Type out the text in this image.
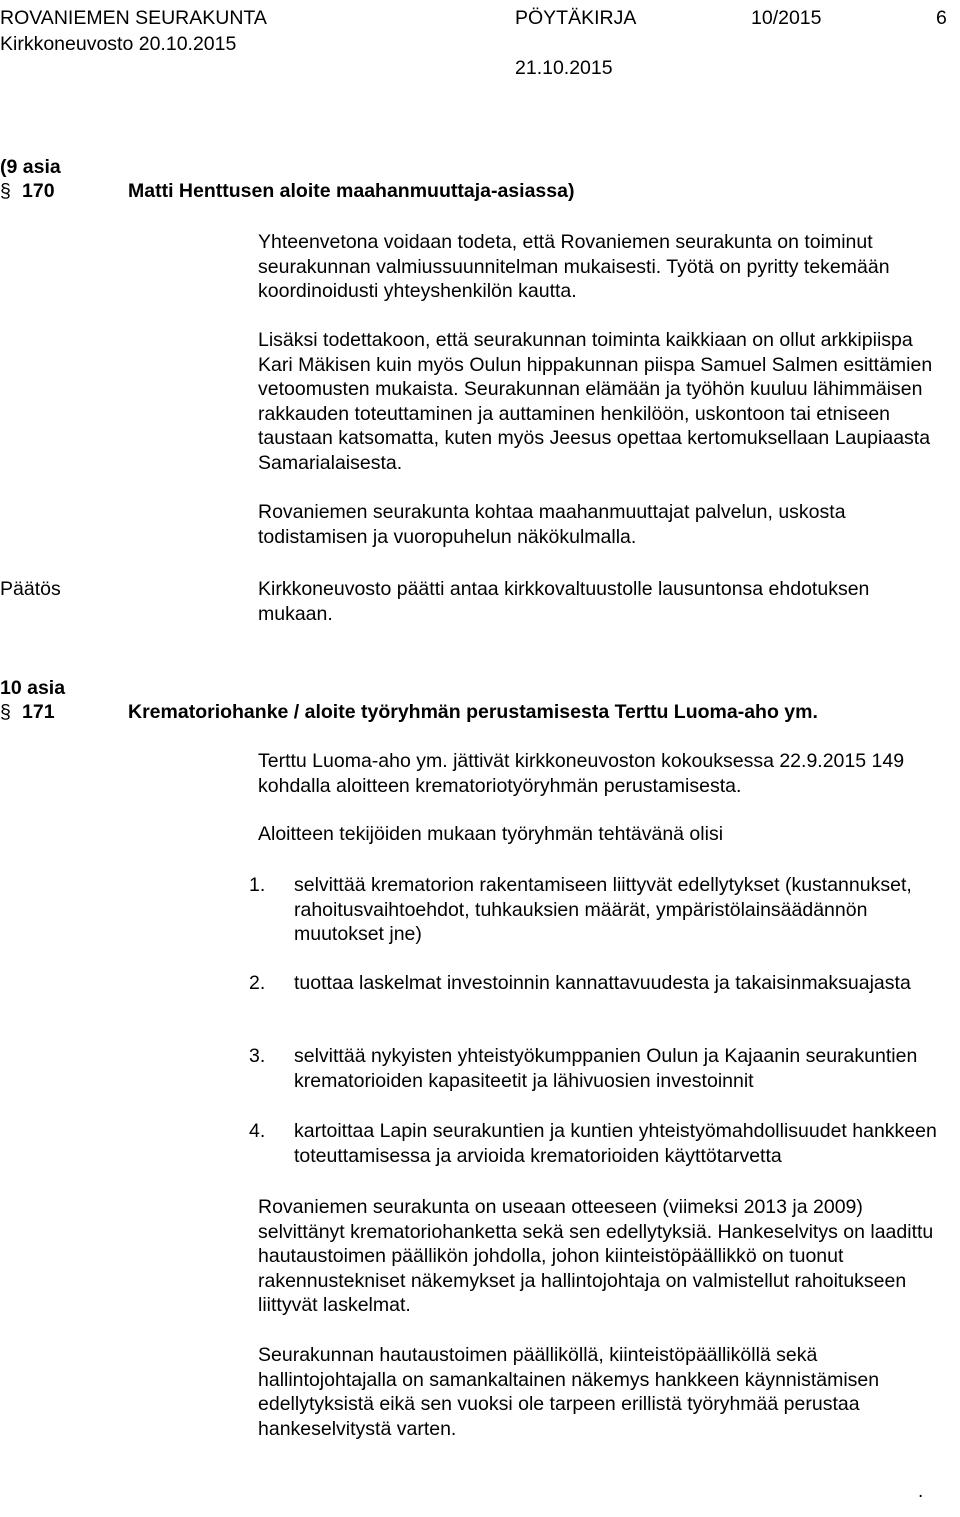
ROVANIEMEN SEURAKUNTA	PÖYTÄKIRJA	10/2015	6
Kirkkoneuvosto 20.10.2015
21.10.2015
(9 asia
§ 170	Matti Henttusen aloite maahanmuuttaja-asiassa)

Yhteenvetona voidaan todeta, että Rovaniemen seurakunta on toiminut seurakunnan valmiussuunnitelman mukaisesti. Työtä on pyritty tekemään koordinoidusti yhteyshenkilön kautta.

Lisäksi todettakoon, että seurakunnan toiminta kaikkiaan on ollut arkkipiispa Kari Mäkisen kuin myös Oulun hippakunnan piispa Samuel Salmen esittämien vetoomusten mukaista. Seurakunnan elämään ja työhön kuuluu lähimmäisen rakkauden toteuttaminen ja auttaminen henkilöön, uskontoon tai etniseen taustaan katsomatta, kuten myös Jeesus opettaa kertomuksellaan Laupiaasta Samarialaisesta.

Rovaniemen seurakunta kohtaa maahanmuuttajat palvelun, uskosta todistamisen ja vuoropuhelun näkökulmalla.

Päätös	Kirkkoneuvosto päätti antaa kirkkovaltuustolle lausuntonsa ehdotuksen mukaan.

10 asia
§ 171	Krematoriohanke / aloite työryhmän perustamisesta Terttu Luoma-aho ym.

Terttu Luoma-aho ym. jättivät kirkkoneuvoston kokouksessa 22.9.2015 149 kohdalla aloitteen krematoriotyöryhmän perustamisesta.

Aloitteen tekijöiden mukaan työryhmän tehtävänä olisi

1.	selvittää krematorion rakentamiseen liittyvät edellytykset (kustannukset, rahoitusvaihtoehdot, tuhkauksien määrät, ympäristölainsäädännön muutokset jne)
2.	tuottaa laskelmat investoinnin kannattavuudesta ja takaisinmaksuajasta
3.	selvittää nykyisten yhteistyökumppanien Oulun ja Kajaanin seurakuntien krematorioiden kapasiteetit ja lähivuosien investoinnit
4.	kartoittaa Lapin seurakuntien ja kuntien yhteistyömahdollisuudet hankkeen toteuttamisessa ja arvioida krematorioiden käyttötarvetta

Rovaniemen seurakunta on useaan otteeseen (viimeksi 2013 ja 2009) selvittänyt krematoriohanketta sekä sen edellytyksiä. Hankeselvitys on laadittu hautaustoimen päällikön johdolla, johon kiinteistöpäällikkö on tuonut rakennustekniset näkemykset ja hallintojohtaja on valmistellut rahoitukseen liittyvät laskelmat.

Seurakunnan hautaustoimen päälliköllä, kiinteistöpäälliköllä sekä hallintojohtajalla on samankaltainen näkemys hankkeen käynnistämisen edellytyksistä eikä sen vuoksi ole tarpeen erillistä työryhmää perustaa hankeselvitystä varten.

.
